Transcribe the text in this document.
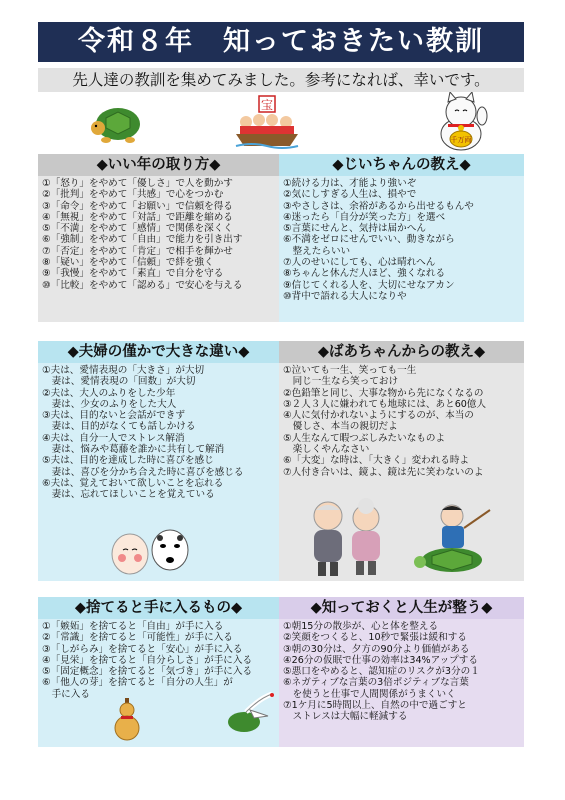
令和８年　知っておきたい教訓
先人達の教訓を集めてみました。参考になれば、幸いです。
宝
千万両
◆いい年の取り方◆
①「怒り」をやめて「優しさ」で人を動かす
②「批判」をやめて「共感」で心をつかむ
③「命令」をやめて「お願い」で信頼を得る
④「無視」をやめて「対話」で距離を縮める
⑤「不満」をやめて「感情」で関係を深くく
⑥「強制」をやめて「自由」で能力を引き出す
⑦「否定」をやめて「肯定」で相手を輝かせ
⑧「疑い」をやめて「信頼」で絆を強く
⑨「我慢」をやめて「素直」で自分を守る
⑩「比較」をやめて「認める」で安心を与える
◆じいちゃんの教え◆
①続ける力は、才能より強いぞ
②気にしすぎる人生は、損やで
③やさしさは、余裕があるから出せるもんや
④迷ったら「自分が笑った方」を選べ
⑤言葉にせんと、気持は届かへん
⑥不満をゼロにせんでいい、動きながら
　整えたらいい
⑦人のせいにしても、心は晴れへん
⑧ちゃんと休んだ人ほど、強くなれる
⑨信じてくれる人を、大切にせなアカン
⑩背中で語れる大人になりや
◆夫婦の僅かで大きな違い◆
①夫は、愛情表現の「大きさ」が大切
　妻は、愛情表現の「回数」が大切
②夫は、大人のふりをした少年
　妻は、少女のふりをした大人
③夫は、目的ないと会話ができず
　妻は、目的がなくても話しかける
④夫は、自分一人でストレス解消
　妻は、悩みや葛藤を誰かに共有して解消
⑤夫は、目的を達成した時に喜びを感じ
　妻は、喜びを分かち合えた時に喜びを感じる
⑥夫は、覚えておいて欲しいことを忘れる
　妻は、忘れてほしいことを覚えている
◆ばあちゃんからの教え◆
①泣いても一生、笑っても一生
　同じ一生なら笑っておけ
②色鉛筆と同じ、大事な物から先になくなるの
③２人３人に嫌われても地球には、あと60億人
④人に気付かれないようにするのが、本当の
　優しさ、本当の親切だよ
⑤人生なんて暇つぶしみたいなものよ
　楽しくやんなさい
⑥「大変」な時は、「大きく」変われる時よ
⑦人付き合いは、鏡よ、鏡は先に笑わないのよ
◆捨てると手に入るもの◆
①「嫉妬」を捨てると「自由」が手に入る
②「常識」を捨てると「可能性」が手に入る
③「しがらみ」を捨てると「安心」が手に入る
④「見栄」を捨てると「自分らしさ」が手に入る
⑤「固定概念」を捨てると「気づき」が手に入る
⑥「他人の芽」を捨てると「自分の人生」が
　手に入る
◆知っておくと人生が整う◆
①朝15分の散歩が、心と体を整える
②笑顔をつくると、10秒で緊張は緩和する
③朝の30分は、夕方の90分より価値がある
④26分の仮眠で仕事の効率は34%アップする
⑤悪口をやめると、認知症のリスクが3分の１
⑥ネガティブな言葉の3倍ポジティブな言葉
　を使うと仕事で人間関係がうまくいく
⑦1ケ月に5時間以上、自然の中で過ごすと
　ストレスは大幅に軽減する
